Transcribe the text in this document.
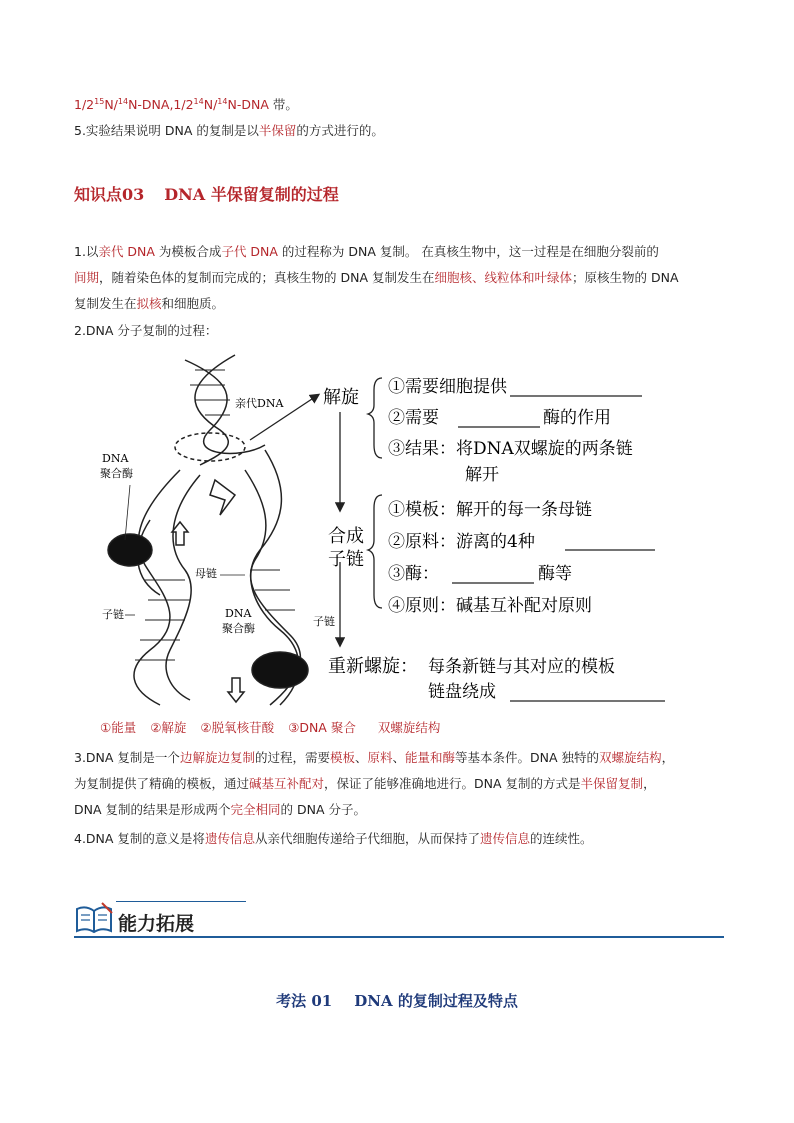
$1/2^{15}N/^{14}N-DNA,1/2^{14}N/^{14}N$-DNA 带。
5.实验结果说明 DNA 的复制是以半保留的方式进行的。
知识点03 DNA 半保留复制的过程
1.以亲代 DNA 为模板合成子代 DNA 的过程称为 DNA 复制。 在真核生物中，这一过程是在细胞分裂前的
间期，随着染色体的复制而完成的；真核生物的 DNA 复制发生在细胞核、线粒体和叶绿体；原核生物的 DNA
复制发生在拟核和细胞质。
2.DNA 分子复制的过程：
亲代DNA
DNA
聚合酶
母链
子链	DNA
聚合酶
子链
解旋 ①需要细胞提供
②需要	酶的作用
③结果：将DNA双螺旋的两条链
解开
合成
子链
①模板：解开的每一条母链
②原料：游离的4种
③酶：	酶等
④原则：碱基互补配对原则
重新螺旋： 每条新链与其对应的模板
链盘绕成
①能量 ②解旋 ②脱氧核苷酸 ③DNA 聚合 双螺旋结构
3.DNA 复制是一个边解旋边复制的过程，需要模板、原料、能量和酶等基本条件。DNA 独特的双螺旋结构，
为复制提供了精确的模板，通过碱基互补配对，保证了能够准确地进行。DNA 复制的方式是半保留复制，
DNA 复制的结果是形成两个完全相同的 DNA 分子。
4.DNA 复制的意义是将遗传信息从亲代细胞传递给子代细胞，从而保持了遗传信息的连续性。
能力拓展
考法 01 DNA 的复制过程及特点
